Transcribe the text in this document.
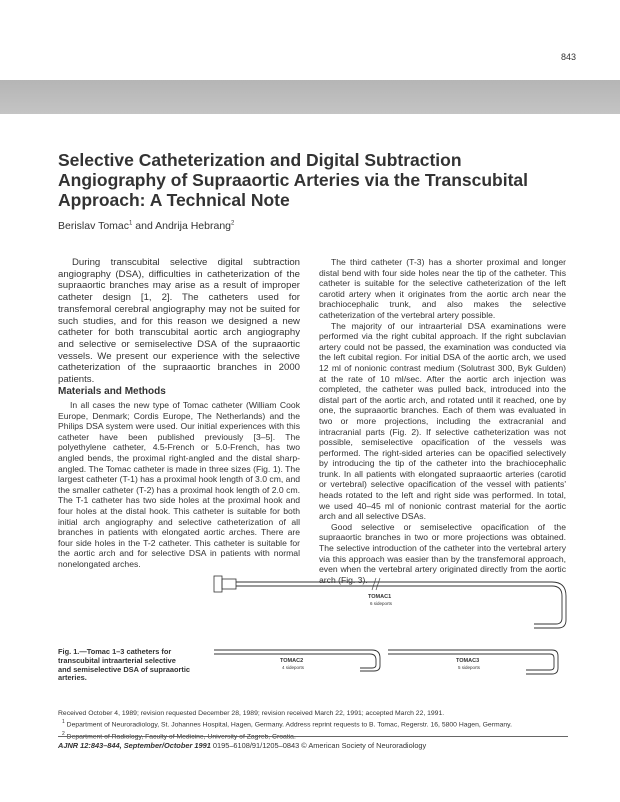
843
Selective Catheterization and Digital Subtraction Angiography of Supraaortic Arteries via the Transcubital Approach: A Technical Note
Berislav Tomac$^1$ and Andrija Hebrang$^2$

During transcubital selective digital subtraction angiography (DSA), difficulties in catheterization of the supraaortic branches may arise as a result of improper catheter design [1, 2]. The catheters used for transfemoral cerebral angiography may not be suited for such studies, and for this reason we designed a new catheter for both transcubital aortic arch angiography and selective or semiselective DSA of the supraaortic vessels. We present our experience with the selective catheterization of the supraaortic branches in 2000 patients.

Materials and Methods

In all cases the new type of Tomac catheter (William Cook Europe, Denmark; Cordis Europe, The Netherlands) and the Philips DSA system were used. Our initial experiences with this catheter have been published previously [3–5]. The polyethylene catheter, 4.5-French or 5.0-French, has two angled bends, the proximal right-angled and the distal sharp-angled. The Tomac catheter is made in three sizes (Fig. 1). The largest catheter (T-1) has a proximal hook length of 3.0 cm, and the smaller catheter (T-2) has a proximal hook length of 2.0 cm. The T-1 catheter has two side holes at the proximal hook and four holes at the distal hook. This catheter is suitable for both initial arch angiography and selective catheterization of all branches in patients with elongated aortic arches. There are four side holes in the T-2 catheter. This catheter is suitable for the aortic arch and for selective DSA in patients with normal nonelongated arches.

The third catheter (T-3) has a shorter proximal and longer distal bend with four side holes near the tip of the catheter. This catheter is suitable for the selective catheterization of the left carotid artery when it originates from the aortic arch near the brachiocephalic trunk, and also makes the selective catheterization of the vertebral artery possible.

The majority of our intraarterial DSA examinations were performed via the right cubital approach. If the right subclavian artery could not be passed, the examination was conducted via the left cubital region. For initial DSA of the aortic arch, we used 12 ml of nonionic contrast medium (Solutrast 300, Byk Gulden) at the rate of 10 ml/sec. After the aortic arch injection was completed, the catheter was pulled back, introduced into the distal part of the aortic arch, and rotated until it reached, one by one, the supraaortic branches. Each of them was evaluated in two or more projections, including the extracranial and intracranial parts (Fig. 2). If selective catheterization was not possible, semiselective opacification of the vessels was performed. The right-sided arteries can be opacified selectively by introducing the tip of the catheter into the brachiocephalic trunk. In all patients with elongated supraaortic arteries (carotid or vertebral) selective opacification of the vessel with patients' heads rotated to the left and right side was performed. In total, we used 40–45 ml of nonionic contrast material for the aortic arch and all selective DSAs.

Good selective or semiselective opacification of the supraaortic branches in two or more projections was obtained. The selective introduction of the catheter into the vertebral artery via this approach was easier than by the transfemoral approach, even when the vertebral artery originated directly from the aortic arch (Fig. 3).

TOMAC1
6 sideports
TOMAC2
4 sideports
TOMAC3
5 sideports
Fig. 1.—Tomac 1–3 catheters for transcubital intraarterial selective and semiselective DSA of supraaortic arteries.

Received October 4, 1989; revision requested December 28, 1989; revision received March 22, 1991; accepted March 22, 1991.

$^1$ Department of Neuroradiology, St. Johannes Hospital, Hagen, Germany. Address reprint requests to B. Tomac, Regerstr. 16, 5800 Hagen, Germany.

$^2$ Department of Radiology, Faculty of Medicine, University of Zagreb, Croatia.

AJNR 12:843–844, September/October 1991 0195–6108/91/1205–0843 © American Society of Neuroradiology
